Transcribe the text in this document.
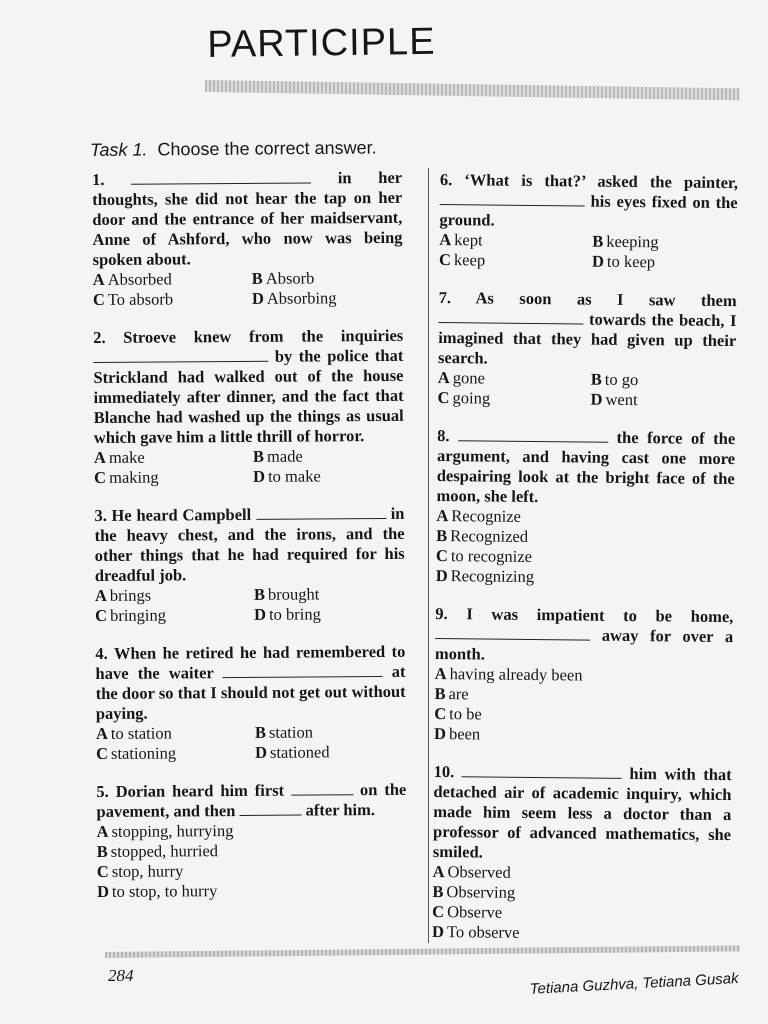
PARTICIPLE
Task 1. Choose the correct answer.
1.	in her thoughts, she did not hear the tap on her door and the entrance of her maidservant, Anne of Ashford, who now was being spoken about.
A Absorbed	B Absorb
C To absorb	D Absorbing
2. Stroeve knew from the inquiries  by the police that Strickland had walked out of the house immediately after dinner, and the fact that Blanche had washed up the things as usual which gave him a little thrill of horror.
A make	B made
C making	D to make
3. He heard Campbell	in the heavy chest, and the irons, and the other things that he had required for his dreadful job.
A brings	B brought
C bringing	D to bring
4. When he retired he had remembered to have the waiter	at the door so that I should not get out without paying.
A to station	B station
C stationing	D stationed
5. Dorian heard him first	on the pavement, and then	after him.
A stopping, hurrying
B stopped, hurried
C stop, hurry
D to stop, to hurry
6. ‘What is that?’ asked the painter,  his eyes fixed on the ground.
A kept	B keeping
C keep	D to keep
7. As soon as I saw them  towards the beach, I imagined that they had given up their search.
A gone	B to go
C going	D went
8.	the force of the argument, and having cast one more despairing look at the bright face of the moon, she left.
A Recognize
B Recognized
C to recognize
D Recognizing
9. I was impatient to be home,  away for over a month.
A having already been
B are
C to be
D been
10.	him with that detached air of academic inquiry, which made him seem less a doctor than a professor of advanced mathematics, she smiled.
A Observed
B Observing
C Observe
D To observe
284	Tetiana Guzhva, Tetiana Gusak
